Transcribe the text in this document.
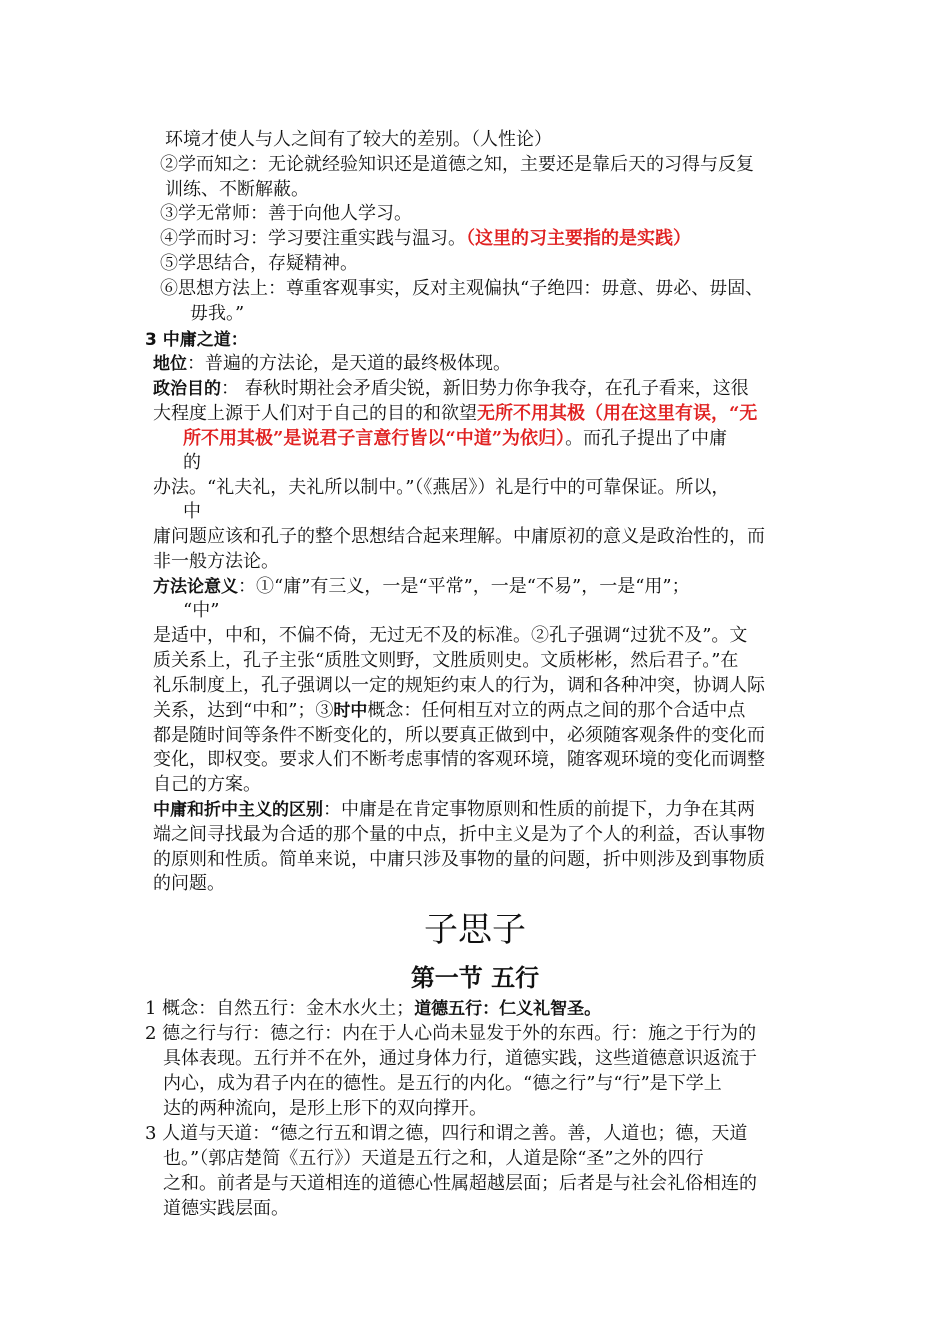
环境才使人与人之间有了较大的差别。（人性论）
②学而知之：无论就经验知识还是道德之知，主要还是靠后天的习得与反复
训练、不断解蔽。
③学无常师：善于向他人学习。
④学而时习：学习要注重实践与温习。（这里的习主要指的是实践）
⑤学思结合，存疑精神。
⑥思想方法上：尊重客观事实，反对主观偏执“子绝四：毋意、毋必、毋固、
毋我。”
3 中庸之道：
地位：普遍的方法论，是天道的最终极体现。
政治目的： 春秋时期社会矛盾尖锐，新旧势力你争我夺，在孔子看来，这很
大程度上源于人们对于自己的目的和欲望无所不用其极（用在这里有误，“无
所不用其极”是说君子言意行皆以“中道”为依归）。而孔子提出了中庸
的
办法。“礼夫礼，夫礼所以制中。”（《燕居》）礼是行中的可靠保证。所以，
中
庸问题应该和孔子的整个思想结合起来理解。中庸原初的意义是政治性的，而
非一般方法论。
方法论意义：①“庸”有三义，一是“平常”，一是“不易”，一是“用”；
“中”
是适中，中和，不偏不倚，无过无不及的标准。②孔子强调“过犹不及”。文
质关系上，孔子主张“质胜文则野，文胜质则史。文质彬彬，然后君子。”在
礼乐制度上，孔子强调以一定的规矩约束人的行为，调和各种冲突，协调人际
关系，达到“中和”；③时中概念：任何相互对立的两点之间的那个合适中点
都是随时间等条件不断变化的，所以要真正做到中，必须随客观条件的变化而
变化，即权变。要求人们不断考虑事情的客观环境，随客观环境的变化而调整
自己的方案。
中庸和折中主义的区别：中庸是在肯定事物原则和性质的前提下，力争在其两
端之间寻找最为合适的那个量的中点，折中主义是为了个人的利益，否认事物
的原则和性质。简单来说，中庸只涉及事物的量的问题，折中则涉及到事物质
的问题。
子思子
第一节 五行
1 概念：自然五行：金木水火土；道德五行：仁义礼智圣。
2 德之行与行：德之行：内在于人心尚未显发于外的东西。行：施之于行为的
具体表现。五行并不在外，通过身体力行，道德实践，这些道德意识返流于
内心，成为君子内在的德性。是五行的内化。“德之行”与“行”是下学上
达的两种流向，是形上形下的双向撑开。
3 人道与天道：“德之行五和谓之德，四行和谓之善。善，人道也；德，天道
也。”（郭店楚简《五行》）天道是五行之和，人道是除“圣”之外的四行
之和。前者是与天道相连的道德心性属超越层面；后者是与社会礼俗相连的
道德实践层面。
